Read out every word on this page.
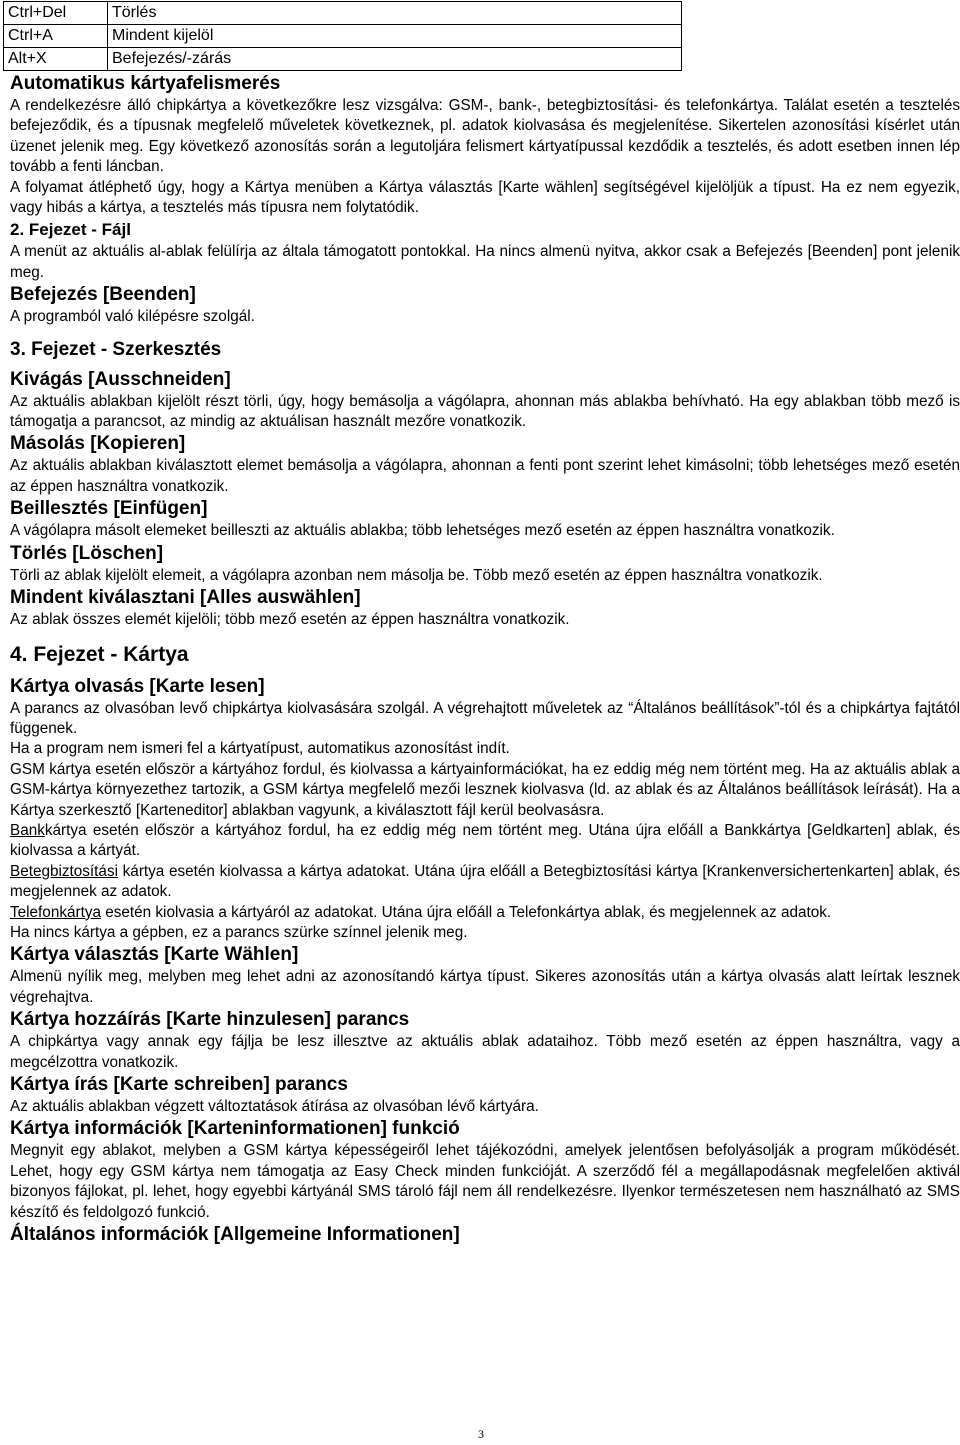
Ctrl+Del	Törlés
Ctrl+A	Mindent kijelöl
Alt+X	Befejezés/-zárás
Automatikus kártyafelismerés

A rendelkezésre álló chipkártya a következőkre lesz vizsgálva: GSM-, bank-, betegbiztosítási- és telefonkártya. Találat esetén a tesztelés befejeződik, és a típusnak megfelelő műveletek következnek, pl. adatok kiolvasása és megjelenítése. Sikertelen azonosítási kísérlet után üzenet jelenik meg. Egy következő azonosítás során a legutoljára felismert kártyatípussal kezdődik a tesztelés, és adott esetben innen lép tovább a fenti láncban.

A folyamat átléphető úgy, hogy a Kártya menüben a Kártya választás [Karte wählen] segítségével kijelöljük a típust. Ha ez nem egyezik, vagy hibás a kártya, a tesztelés más típusra nem folytatódik.

2. Fejezet - Fájl

A menüt az aktuális al-ablak felülírja az általa támogatott pontokkal. Ha nincs almenü nyitva, akkor csak a Befejezés [Beenden] pont jelenik meg.

Befejezés [Beenden]

A programból való kilépésre szolgál.

3. Fejezet - Szerkesztés
Kivágás [Ausschneiden]

Az aktuális ablakban kijelölt részt törli, úgy, hogy bemásolja a vágólapra, ahonnan más ablakba behívható. Ha egy ablakban több mező is támogatja a parancsot, az mindig az aktuálisan használt mezőre vonatkozik.

Másolás [Kopieren]

Az aktuális ablakban kiválasztott elemet bemásolja a vágólapra, ahonnan a fenti pont szerint lehet kimásolni; több lehetséges mező esetén az éppen használtra vonatkozik.

Beillesztés [Einfügen]

A vágólapra másolt elemeket beilleszti az aktuális ablakba; több lehetséges mező esetén az éppen használtra vonatkozik.

Törlés [Löschen]

Törli az ablak kijelölt elemeit, a vágólapra azonban nem másolja be. Több mező esetén az éppen használtra vonatkozik.

Mindent kiválasztani [Alles auswählen]

Az ablak összes elemét kijelöli; több mező esetén az éppen használtra vonatkozik.

4. Fejezet - Kártya
Kártya olvasás [Karte lesen]

A parancs az olvasóban levő chipkártya kiolvasására szolgál. A végrehajtott műveletek az “Általános beállítások”-tól és a chipkártya fajtától függenek.

Ha a program nem ismeri fel a kártyatípust, automatikus azonosítást indít.

GSM kártya esetén először a kártyához fordul, és kiolvassa a kártyainformációkat, ha ez eddig még nem történt meg. Ha az aktuális ablak a GSM-kártya környezethez tartozik, a GSM kártya megfelelő mezői lesznek kiolvasva (ld. az ablak és az Általános beállítások leírását). Ha a Kártya szerkesztő [Karteneditor] ablakban vagyunk, a kiválasztott fájl kerül beolvasásra.

Bankkártya esetén először a kártyához fordul, ha ez eddig még nem történt meg. Utána újra előáll a Bankkártya [Geldkarten] ablak, és kiolvassa a kártyát.

Betegbiztosítási kártya esetén kiolvassa a kártya adatokat. Utána újra előáll a Betegbiztosítási kártya [Krankenversichertenkarten] ablak, és megjelennek az adatok.

Telefonkártya esetén kiolvasia a kártyáról az adatokat. Utána újra előáll a Telefonkártya ablak, és megjelennek az adatok.

Ha nincs kártya a gépben, ez a parancs szürke színnel jelenik meg.

Kártya választás [Karte Wählen]

Almenü nyílik meg, melyben meg lehet adni az azonosítandó kártya típust. Sikeres azonosítás után a kártya olvasás alatt leírtak lesznek végrehajtva.

Kártya hozzáírás [Karte hinzulesen] parancs

A chipkártya vagy annak egy fájlja be lesz illesztve az aktuális ablak adataihoz. Több mező esetén az éppen használtra, vagy a megcélzottra vonatkozik.

Kártya írás [Karte schreiben] parancs

Az aktuális ablakban végzett változtatások átírása az olvasóban lévő kártyára.

Kártya információk [Karteninformationen] funkció

Megnyit egy ablakot, melyben a GSM kártya képességeiről lehet tájékozódni, amelyek jelentősen befolyásolják a program működését. Lehet, hogy egy GSM kártya nem támogatja az Easy Check minden funkcióját. A szerződő fél a megállapodásnak megfelelően aktivál bizonyos fájlokat, pl. lehet, hogy egyebbi kártyánál SMS tároló fájl nem áll rendelkezésre. Ilyenkor természetesen nem használható az SMS készítő és feldolgozó funkció.

Általános információk [Allgemeine Informationen]
3
